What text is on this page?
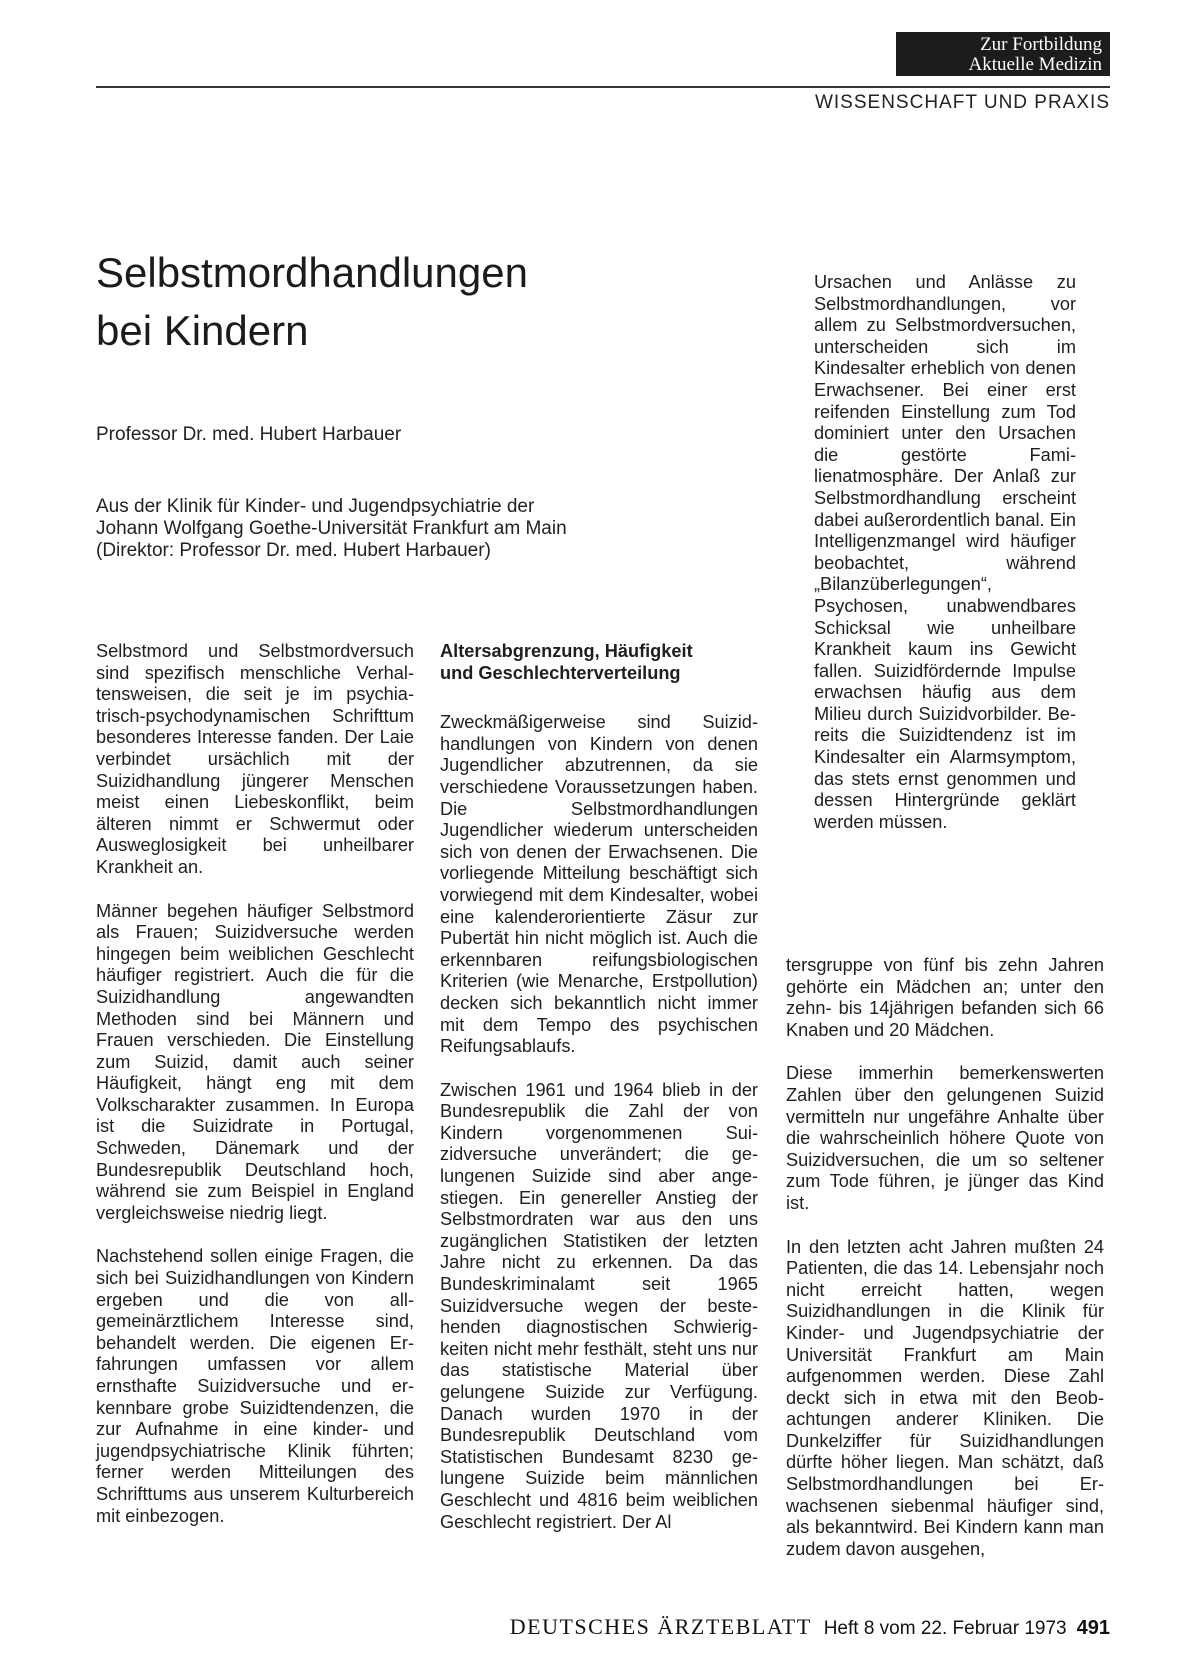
Zur Fortbildung
Aktuelle Medizin
WISSENSCHAFT UND PRAXIS
Selbstmordhandlungen
bei Kindern
Professor Dr. med. Hubert Harbauer
Aus der Klinik für Kinder- und Jugendpsychiatrie der
Johann Wolfgang Goethe-Universität Frankfurt am Main
(Direktor: Professor Dr. med. Hubert Harbauer)

Ursachen und Anlässe zu Selbstmordhandlungen, vor allem zu Selbstmordversuchen, unterscheiden sich im Kindesalter erheblich von denen Erwachsener. Bei einer erst reifenden Einstellung zum Tod dominiert unter den Ursachen die gestörte Familienatmosphäre. Der Anlaß zur Selbstmordhandlung erscheint dabei außerordentlich banal. Ein Intelligenzmangel wird häufiger beobachtet, während „Bilanzüberlegungen“, Psychosen, unabwendbares Schicksal wie unheilbare Krankheit kaum ins Gewicht fallen. Suizidfördernde Impulse erwachsen häufig aus dem Milieu durch Suizidvorbilder. Bereits die Suizidtendenz ist im Kindesalter ein Alarmsymptom, das stets ernst genommen und dessen Hintergründe geklärt werden müssen.

Selbstmord und Selbstmordversuch sind spezifisch menschliche Verhaltensweisen, die seit je im psychiatrisch-psychodynamischen Schrifttum besonderes Interesse fanden. Der Laie verbindet ursächlich mit der Suizidhandlung jüngerer Menschen meist einen Liebeskonflikt, beim älteren nimmt er Schwermut oder Ausweglosigkeit bei unheilbarer Krankheit an.

Männer begehen häufiger Selbstmord als Frauen; Suizidversuche werden hingegen beim weiblichen Geschlecht häufiger registriert. Auch die für die Suizidhandlung angewandten Methoden sind bei Männern und Frauen verschieden. Die Einstellung zum Suizid, damit auch seiner Häufigkeit, hängt eng mit dem Volkscharakter zusammen. In Europa ist die Suizidrate in Portugal, Schweden, Dänemark und der Bundesrepublik Deutschland hoch, während sie zum Beispiel in England vergleichsweise niedrig liegt.

Nachstehend sollen einige Fragen, die sich bei Suizidhandlungen von Kindern ergeben und die von allgemeinärztlichem Interesse sind, behandelt werden. Die eigenen Erfahrungen umfassen vor allem ernsthafte Suizidversuche und erkennbare grobe Suizidtendenzen, die zur Aufnahme in eine kinder- und jugendpsychiatrische Klinik führten; ferner werden Mitteilungen des Schrifttums aus unserem Kulturbereich mit einbezogen.

Altersabgrenzung, Häufigkeit
und Geschlechterverteilung

Zweckmäßigerweise sind Suizidhandlungen von Kindern von denen Jugendlicher abzutrennen, da sie verschiedene Voraussetzungen haben. Die Selbstmordhandlungen Jugendlicher wiederum unterscheiden sich von denen der Erwachsenen. Die vorliegende Mitteilung beschäftigt sich vorwiegend mit dem Kindesalter, wobei eine kalenderorientierte Zäsur zur Pubertät hin nicht möglich ist. Auch die erkennbaren reifungsbiologischen Kriterien (wie Menarche, Erstpollution) decken sich bekanntlich nicht immer mit dem Tempo des psychischen Reifungsablaufs.

Zwischen 1961 und 1964 blieb in der Bundesrepublik die Zahl der von Kindern vorgenommenen Suizidversuche unverändert; die gelungenen Suizide sind aber angestiegen. Ein genereller Anstieg der Selbstmordraten war aus den uns zugänglichen Statistiken der letzten Jahre nicht zu erkennen. Da das Bundeskriminalamt seit 1965 Suizidversuche wegen der bestehenden diagnostischen Schwierigkeiten nicht mehr festhält, steht uns nur das statistische Material über gelungene Suizide zur Verfügung. Danach wurden 1970 in der Bundesrepublik Deutschland vom Statistischen Bundesamt 8230 gelungene Suizide beim männlichen Geschlecht und 4816 beim weiblichen Geschlecht registriert. Der Al

tersgruppe von fünf bis zehn Jahren gehörte ein Mädchen an; unter den zehn- bis 14jährigen befanden sich 66 Knaben und 20 Mädchen.

Diese immerhin bemerkenswerten Zahlen über den gelungenen Suizid vermitteln nur ungefähre Anhalte über die wahrscheinlich höhere Quote von Suizidversuchen, die um so seltener zum Tode führen, je jünger das Kind ist.

In den letzten acht Jahren mußten 24 Patienten, die das 14. Lebensjahr noch nicht erreicht hatten, wegen Suizidhandlungen in die Klinik für Kinder- und Jugendpsychiatrie der Universität Frankfurt am Main aufgenommen werden. Diese Zahl deckt sich in etwa mit den Beobachtungen anderer Kliniken. Die Dunkelziffer für Suizidhandlungen dürfte höher liegen. Man schätzt, daß Selbstmordhandlungen bei Erwachsenen siebenmal häufiger sind, als bekanntwird. Bei Kindern kann man zudem davon ausgehen,

DEUTSCHES ÄRZTEBLATT Heft 8 vom 22. Februar 1973 491
